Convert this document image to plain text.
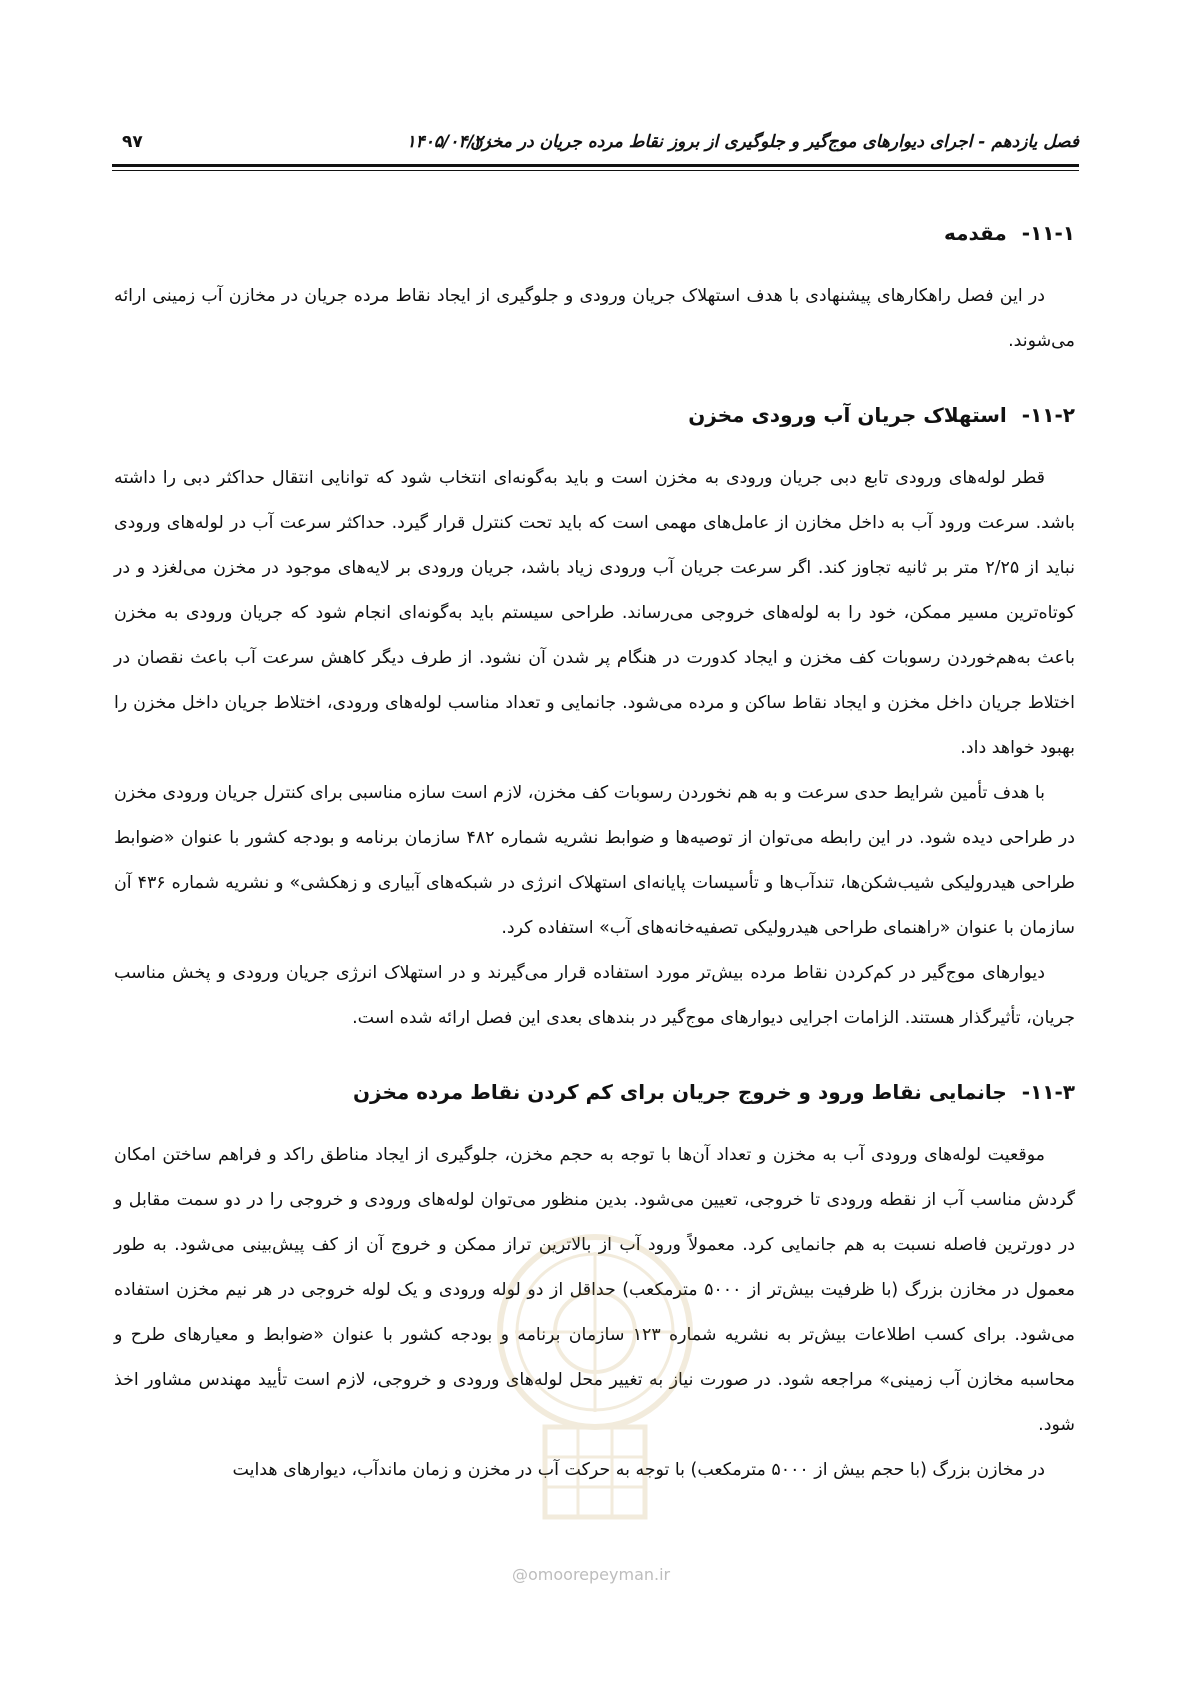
فصل یازدهم - اجرای دیوارهای موج‌گیر و جلوگیری از بروز نقاط مرده جریان در مخزن
۱۴۰۵/۰۴/۲۰
۹۷
۱۱-۱- مقدمه

در این فصل راهکارهای پیشنهادی با هدف استهلاک جریان ورودی و جلوگیری از ایجاد نقاط مرده جریان در مخازن آب زمینی ارائه می‌شوند.

۱۱-۲- استهلاک جریان آب ورودی مخزن

قطر لوله‌های ورودی تابع دبی جریان ورودی به مخزن است و باید به‌گونه‌ای انتخاب شود که توانایی انتقال حداکثر دبی را داشته باشد. سرعت ورود آب به داخل مخازن از عامل‌های مهمی است که باید تحت کنترل قرار گیرد. حداکثر سرعت آب در لوله‌های ورودی نباید از ۲/۲۵ متر بر ثانیه تجاوز کند. اگر سرعت جریان آب ورودی زیاد باشد، جریان ورودی بر لایه‌های موجود در مخزن می‌لغزد و در کوتاه‌ترین مسیر ممکن، خود را به لوله‌های خروجی می‌رساند. طراحی سیستم باید به‌گونه‌ای انجام شود که جریان ورودی به مخزن باعث به‌هم‌خوردن رسوبات کف مخزن و ایجاد کدورت در هنگام پر شدن آن نشود. از طرف دیگر کاهش سرعت آب باعث نقصان در اختلاط جریان داخل مخزن و ایجاد نقاط ساکن و مرده می‌شود. جانمایی و تعداد مناسب لوله‌های ورودی، اختلاط جریان داخل مخزن را بهبود خواهد داد.

با هدف تأمین شرایط حدی سرعت و به هم نخوردن رسوبات کف مخزن، لازم است سازه مناسبی برای کنترل جریان ورودی مخزن در طراحی دیده شود. در این رابطه می‌توان از توصیه‌ها و ضوابط نشریه شماره ۴۸۲ سازمان برنامه و بودجه کشور با عنوان «ضوابط طراحی هیدرولیکی شیب‌شکن‌ها، تندآب‌ها و تأسیسات پایانه‌ای استهلاک انرژی در شبکه‌های آبیاری و زهکشی» و نشریه شماره ۴۳۶ آن سازمان با عنوان «راهنمای طراحی هیدرولیکی تصفیه‌خانه‌های آب» استفاده کرد.

دیوارهای موج‌گیر در کم‌کردن نقاط مرده بیش‌تر مورد استفاده قرار می‌گیرند و در استهلاک انرژی جریان ورودی و پخش مناسب جریان، تأثیرگذار هستند. الزامات اجرایی دیوارهای موج‌گیر در بندهای بعدی این فصل ارائه شده است.

۱۱-۳- جانمایی نقاط ورود و خروج جریان برای کم کردن نقاط مرده مخزن

موقعیت لوله‌های ورودی آب به مخزن و تعداد آن‌ها با توجه به حجم مخزن، جلوگیری از ایجاد مناطق راکد و فراهم ساختن امکان گردش مناسب آب از نقطه ورودی تا خروجی، تعیین می‌شود. بدین منظور می‌توان لوله‌های ورودی و خروجی را در دو سمت مقابل و در دورترین فاصله نسبت به هم جانمایی کرد. معمولاً ورود آب از بالاترین تراز ممکن و خروج آن از کف پیش‌بینی می‌شود. به طور معمول در مخازن بزرگ (با ظرفیت بیش‌تر از ۵۰۰۰ مترمکعب) حداقل از دو لوله ورودی و یک لوله خروجی در هر نیم مخزن استفاده می‌شود. برای کسب اطلاعات بیش‌تر به نشریه شماره ۱۲۳ سازمان برنامه و بودجه کشور با عنوان «ضوابط و معیارهای طرح و محاسبه مخازن آب زمینی» مراجعه شود. در صورت نیاز به تغییر محل لوله‌های ورودی و خروجی، لازم است تأیید مهندس مشاور اخذ شود.

در مخازن بزرگ (با حجم بیش از ۵۰۰۰ مترمکعب) با توجه به حرکت آب در مخزن و زمان ماندآب، دیوارهای هدایت

@omoorepeyman.ir
